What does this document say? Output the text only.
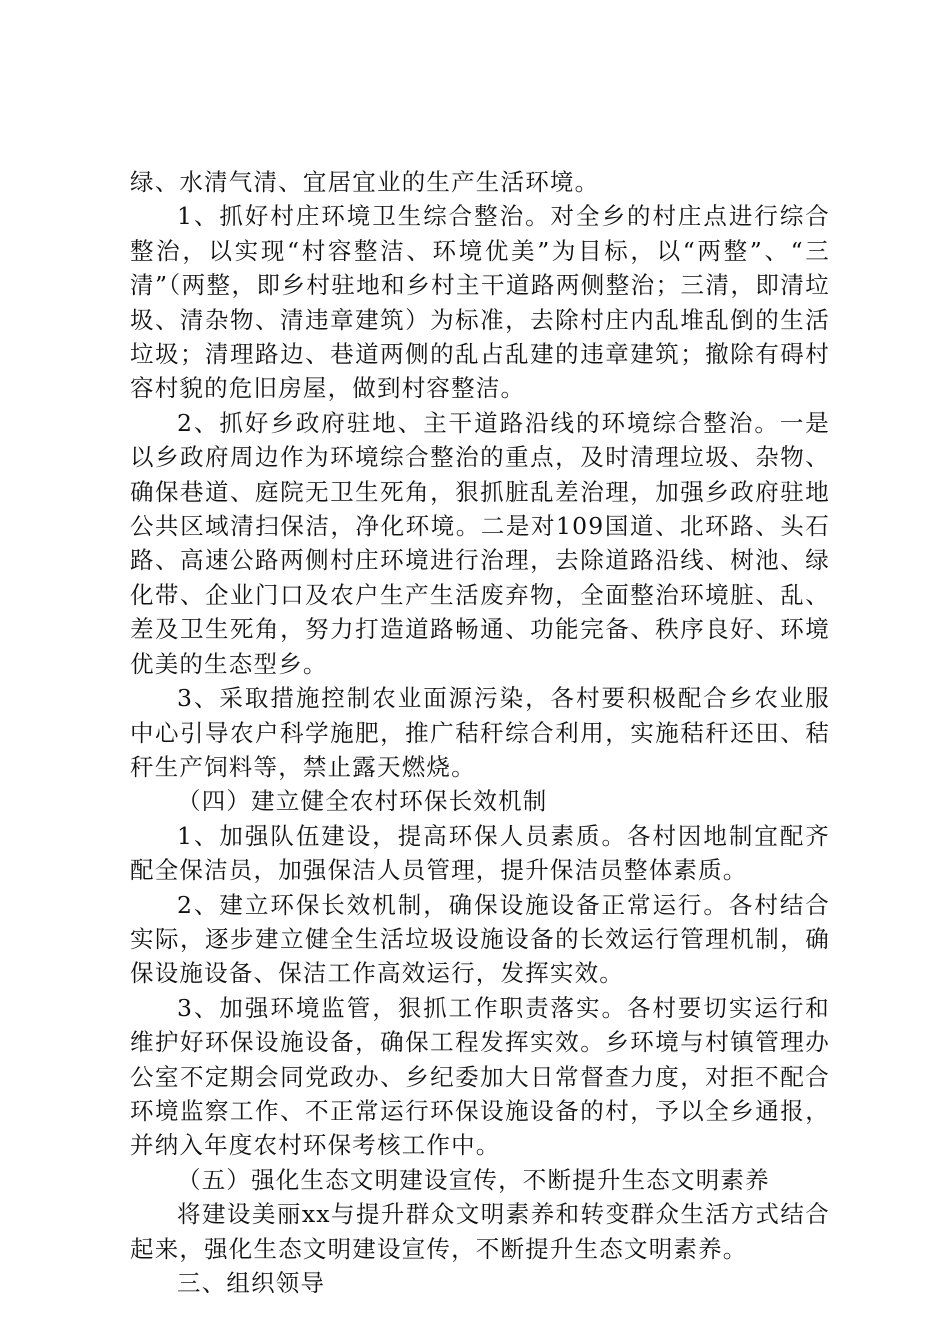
绿、水清气清、宜居宜业的生产生活环境。

1、抓好村庄环境卫生综合整治。对全乡的村庄点进行综合整治，以实现“村容整洁、环境优美”为目标，以“两整”、“三清”（两整，即乡村驻地和乡村主干道路两侧整治；三清，即清垃圾、清杂物、清违章建筑）为标准，去除村庄内乱堆乱倒的生活垃圾；清理路边、巷道两侧的乱占乱建的违章建筑；撤除有碍村容村貌的危旧房屋，做到村容整洁。

2、抓好乡政府驻地、主干道路沿线的环境综合整治。一是以乡政府周边作为环境综合整治的重点，及时清理垃圾、杂物、确保巷道、庭院无卫生死角，狠抓脏乱差治理，加强乡政府驻地公共区域清扫保洁，净化环境。二是对109国道、北环路、头石路、高速公路两侧村庄环境进行治理，去除道路沿线、树池、绿化带、企业门口及农户生产生活废弃物，全面整治环境脏、乱、差及卫生死角，努力打造道路畅通、功能完备、秩序良好、环境优美的生态型乡。

3、采取措施控制农业面源污染，各村要积极配合乡农业服中心引导农户科学施肥，推广秸秆综合利用，实施秸秆还田、秸秆生产饲料等，禁止露天燃烧。

（四）建立健全农村环保长效机制

1、加强队伍建设，提高环保人员素质。各村因地制宜配齐配全保洁员，加强保洁人员管理，提升保洁员整体素质。

2、建立环保长效机制，确保设施设备正常运行。各村结合实际，逐步建立健全生活垃圾设施设备的长效运行管理机制，确保设施设备、保洁工作高效运行，发挥实效。

3、加强环境监管，狠抓工作职责落实。各村要切实运行和维护好环保设施设备，确保工程发挥实效。乡环境与村镇管理办公室不定期会同党政办、乡纪委加大日常督查力度，对拒不配合环境监察工作、不正常运行环保设施设备的村，予以全乡通报，并纳入年度农村环保考核工作中。

（五）强化生态文明建设宣传，不断提升生态文明素养

将建设美丽xx与提升群众文明素养和转变群众生活方式结合起来，强化生态文明建设宣传，不断提升生态文明素养。

三、组织领导
